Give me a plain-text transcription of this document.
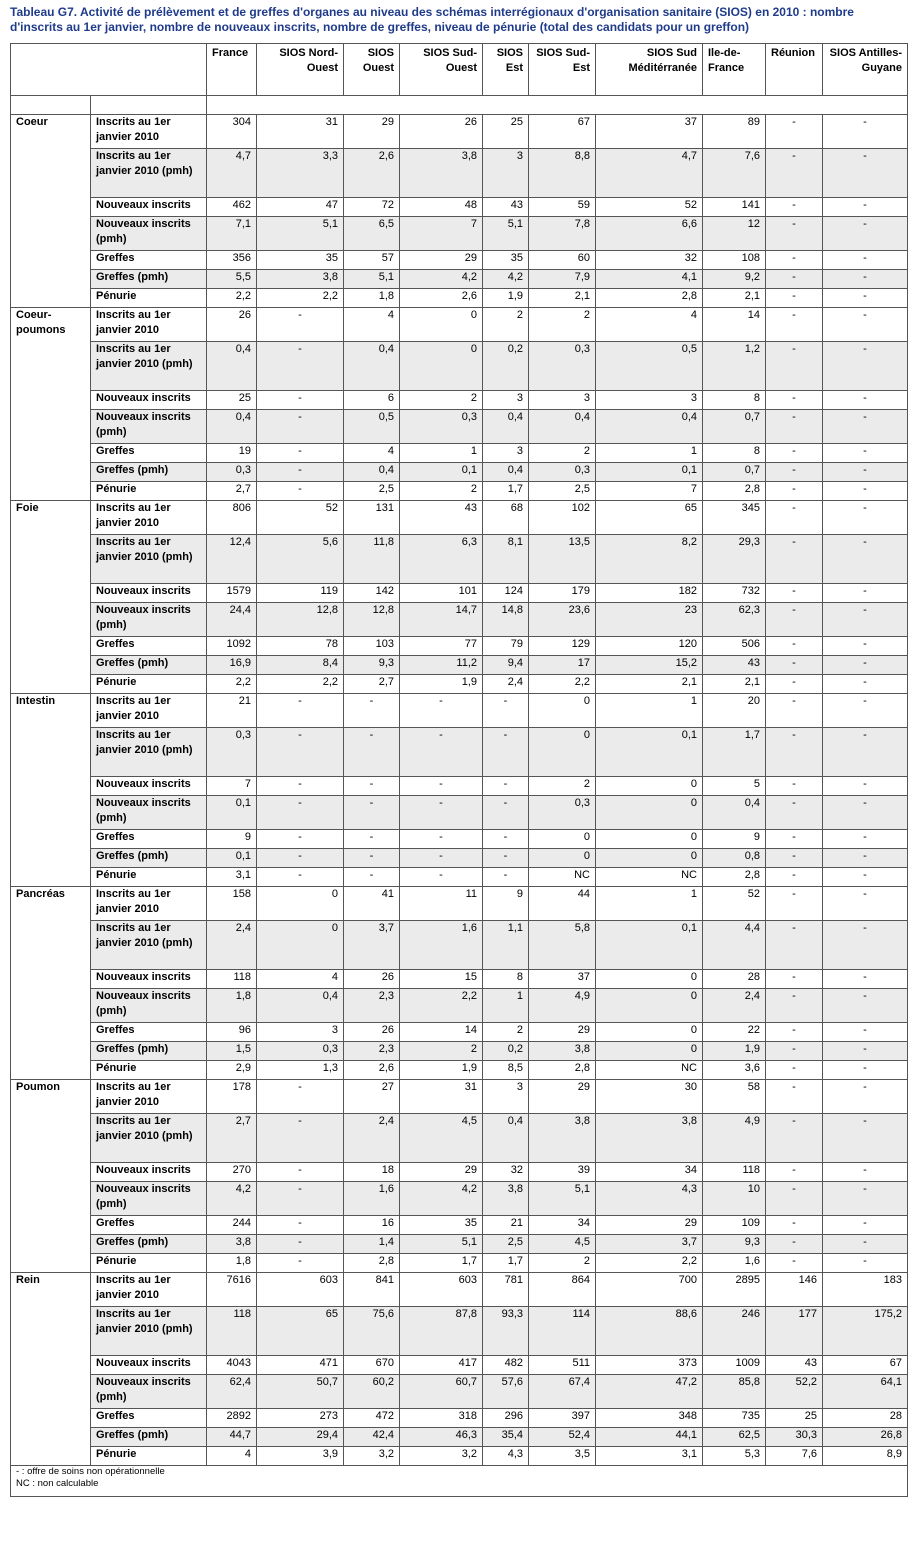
Tableau G7. Activité de prélèvement et de greffes d'organes au niveau des schémas interrégionaux d'organisation sanitaire (SIOS) en 2010 : nombre d'inscrits au 1er janvier, nombre de nouveaux inscrits, nombre de greffes, niveau de pénurie (total des candidats pour un greffon)
		France	SIOS Nord-Ouest	SIOS Ouest	SIOS Sud-Ouest	SIOS Est	SIOS Sud-Est	SIOS Sud Méditérranée	Ile-de-France	Réunion	SIOS Antilles-Guyane

Coeur	Inscrits au 1er janvier 2010	304	31	29	26	25	67	37	89	-	-
	Inscrits au 1er janvier 2010 (pmh)	4,7	3,3	2,6	3,8	3	8,8	4,7	7,6	-	-
	Nouveaux inscrits	462	47	72	48	43	59	52	141	-	-
	Nouveaux inscrits (pmh)	7,1	5,1	6,5	7	5,1	7,8	6,6	12	-	-
	Greffes	356	35	57	29	35	60	32	108	-	-
	Greffes (pmh)	5,5	3,8	5,1	4,2	4,2	7,9	4,1	9,2	-	-
	Pénurie	2,2	2,2	1,8	2,6	1,9	2,1	2,8	2,1	-	-
Coeur-poumons	Inscrits au 1er janvier 2010	26	-	4	0	2	2	4	14	-	-
	Inscrits au 1er janvier 2010 (pmh)	0,4	-	0,4	0	0,2	0,3	0,5	1,2	-	-
	Nouveaux inscrits	25	-	6	2	3	3	3	8	-	-
	Nouveaux inscrits (pmh)	0,4	-	0,5	0,3	0,4	0,4	0,4	0,7	-	-
	Greffes	19	-	4	1	3	2	1	8	-	-
	Greffes (pmh)	0,3	-	0,4	0,1	0,4	0,3	0,1	0,7	-	-
	Pénurie	2,7	-	2,5	2	1,7	2,5	7	2,8	-	-
Foie	Inscrits au 1er janvier 2010	806	52	131	43	68	102	65	345	-	-
	Inscrits au 1er janvier 2010 (pmh)	12,4	5,6	11,8	6,3	8,1	13,5	8,2	29,3	-	-
	Nouveaux inscrits	1579	119	142	101	124	179	182	732	-	-
	Nouveaux inscrits (pmh)	24,4	12,8	12,8	14,7	14,8	23,6	23	62,3	-	-
	Greffes	1092	78	103	77	79	129	120	506	-	-
	Greffes (pmh)	16,9	8,4	9,3	11,2	9,4	17	15,2	43	-	-
	Pénurie	2,2	2,2	2,7	1,9	2,4	2,2	2,1	2,1	-	-
Intestin	Inscrits au 1er janvier 2010	21	-	-	-	-	0	1	20	-	-
	Inscrits au 1er janvier 2010 (pmh)	0,3	-	-	-	-	0	0,1	1,7	-	-
	Nouveaux inscrits	7	-	-	-	-	2	0	5	-	-
	Nouveaux inscrits (pmh)	0,1	-	-	-	-	0,3	0	0,4	-	-
	Greffes	9	-	-	-	-	0	0	9	-	-
	Greffes (pmh)	0,1	-	-	-	-	0	0	0,8	-	-
	Pénurie	3,1	-	-	-	-	NC	NC	2,8	-	-
Pancréas	Inscrits au 1er janvier 2010	158	0	41	11	9	44	1	52	-	-
	Inscrits au 1er janvier 2010 (pmh)	2,4	0	3,7	1,6	1,1	5,8	0,1	4,4	-	-
	Nouveaux inscrits	118	4	26	15	8	37	0	28	-	-
	Nouveaux inscrits (pmh)	1,8	0,4	2,3	2,2	1	4,9	0	2,4	-	-
	Greffes	96	3	26	14	2	29	0	22	-	-
	Greffes (pmh)	1,5	0,3	2,3	2	0,2	3,8	0	1,9	-	-
	Pénurie	2,9	1,3	2,6	1,9	8,5	2,8	NC	3,6	-	-
Poumon	Inscrits au 1er janvier 2010	178	-	27	31	3	29	30	58	-	-
	Inscrits au 1er janvier 2010 (pmh)	2,7	-	2,4	4,5	0,4	3,8	3,8	4,9	-	-
	Nouveaux inscrits	270	-	18	29	32	39	34	118	-	-
	Nouveaux inscrits (pmh)	4,2	-	1,6	4,2	3,8	5,1	4,3	10	-	-
	Greffes	244	-	16	35	21	34	29	109	-	-
	Greffes (pmh)	3,8	-	1,4	5,1	2,5	4,5	3,7	9,3	-	-
	Pénurie	1,8	-	2,8	1,7	1,7	2	2,2	1,6	-	-
Rein	Inscrits au 1er janvier 2010	7616	603	841	603	781	864	700	2895	146	183
	Inscrits au 1er janvier 2010 (pmh)	118	65	75,6	87,8	93,3	114	88,6	246	177	175,2
	Nouveaux inscrits	4043	471	670	417	482	511	373	1009	43	67
	Nouveaux inscrits (pmh)	62,4	50,7	60,2	60,7	57,6	67,4	47,2	85,8	52,2	64,1
	Greffes	2892	273	472	318	296	397	348	735	25	28
	Greffes (pmh)	44,7	29,4	42,4	46,3	35,4	52,4	44,1	62,5	30,3	26,8
	Pénurie	4	3,9	3,2	3,2	4,3	3,5	3,1	5,3	7,6	8,9

- : offre de soins non opérationnelle
NC : non calculable											
